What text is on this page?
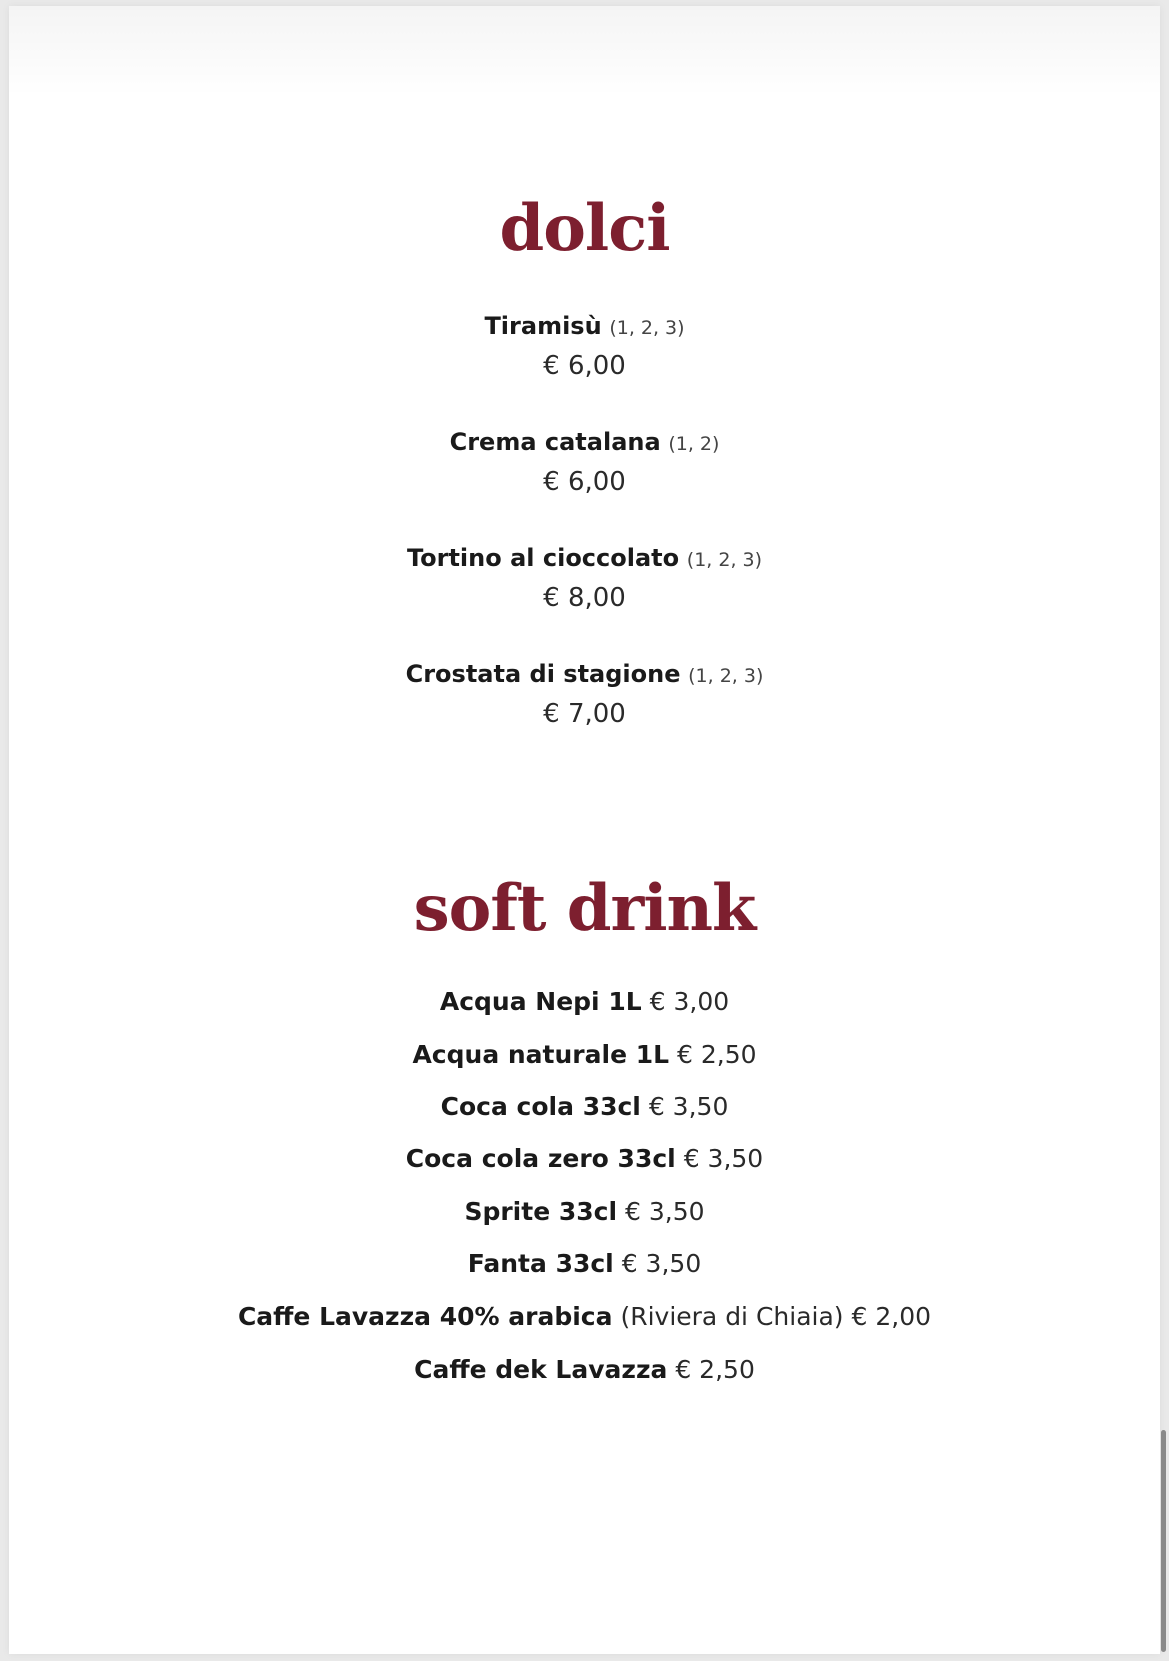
dolci
Tiramisù (1, 2, 3)
€ 6,00
Crema catalana (1, 2)
€ 6,00
Tortino al cioccolato (1, 2, 3)
€ 8,00
Crostata di stagione (1, 2, 3)
€ 7,00
soft drink
Acqua Nepi 1L € 3,00
Acqua naturale 1L € 2,50
Coca cola 33cl € 3,50
Coca cola zero 33cl € 3,50
Sprite 33cl € 3,50
Fanta 33cl € 3,50
Caffe Lavazza 40% arabica (Riviera di Chiaia) € 2,00
Caffe dek Lavazza € 2,50
